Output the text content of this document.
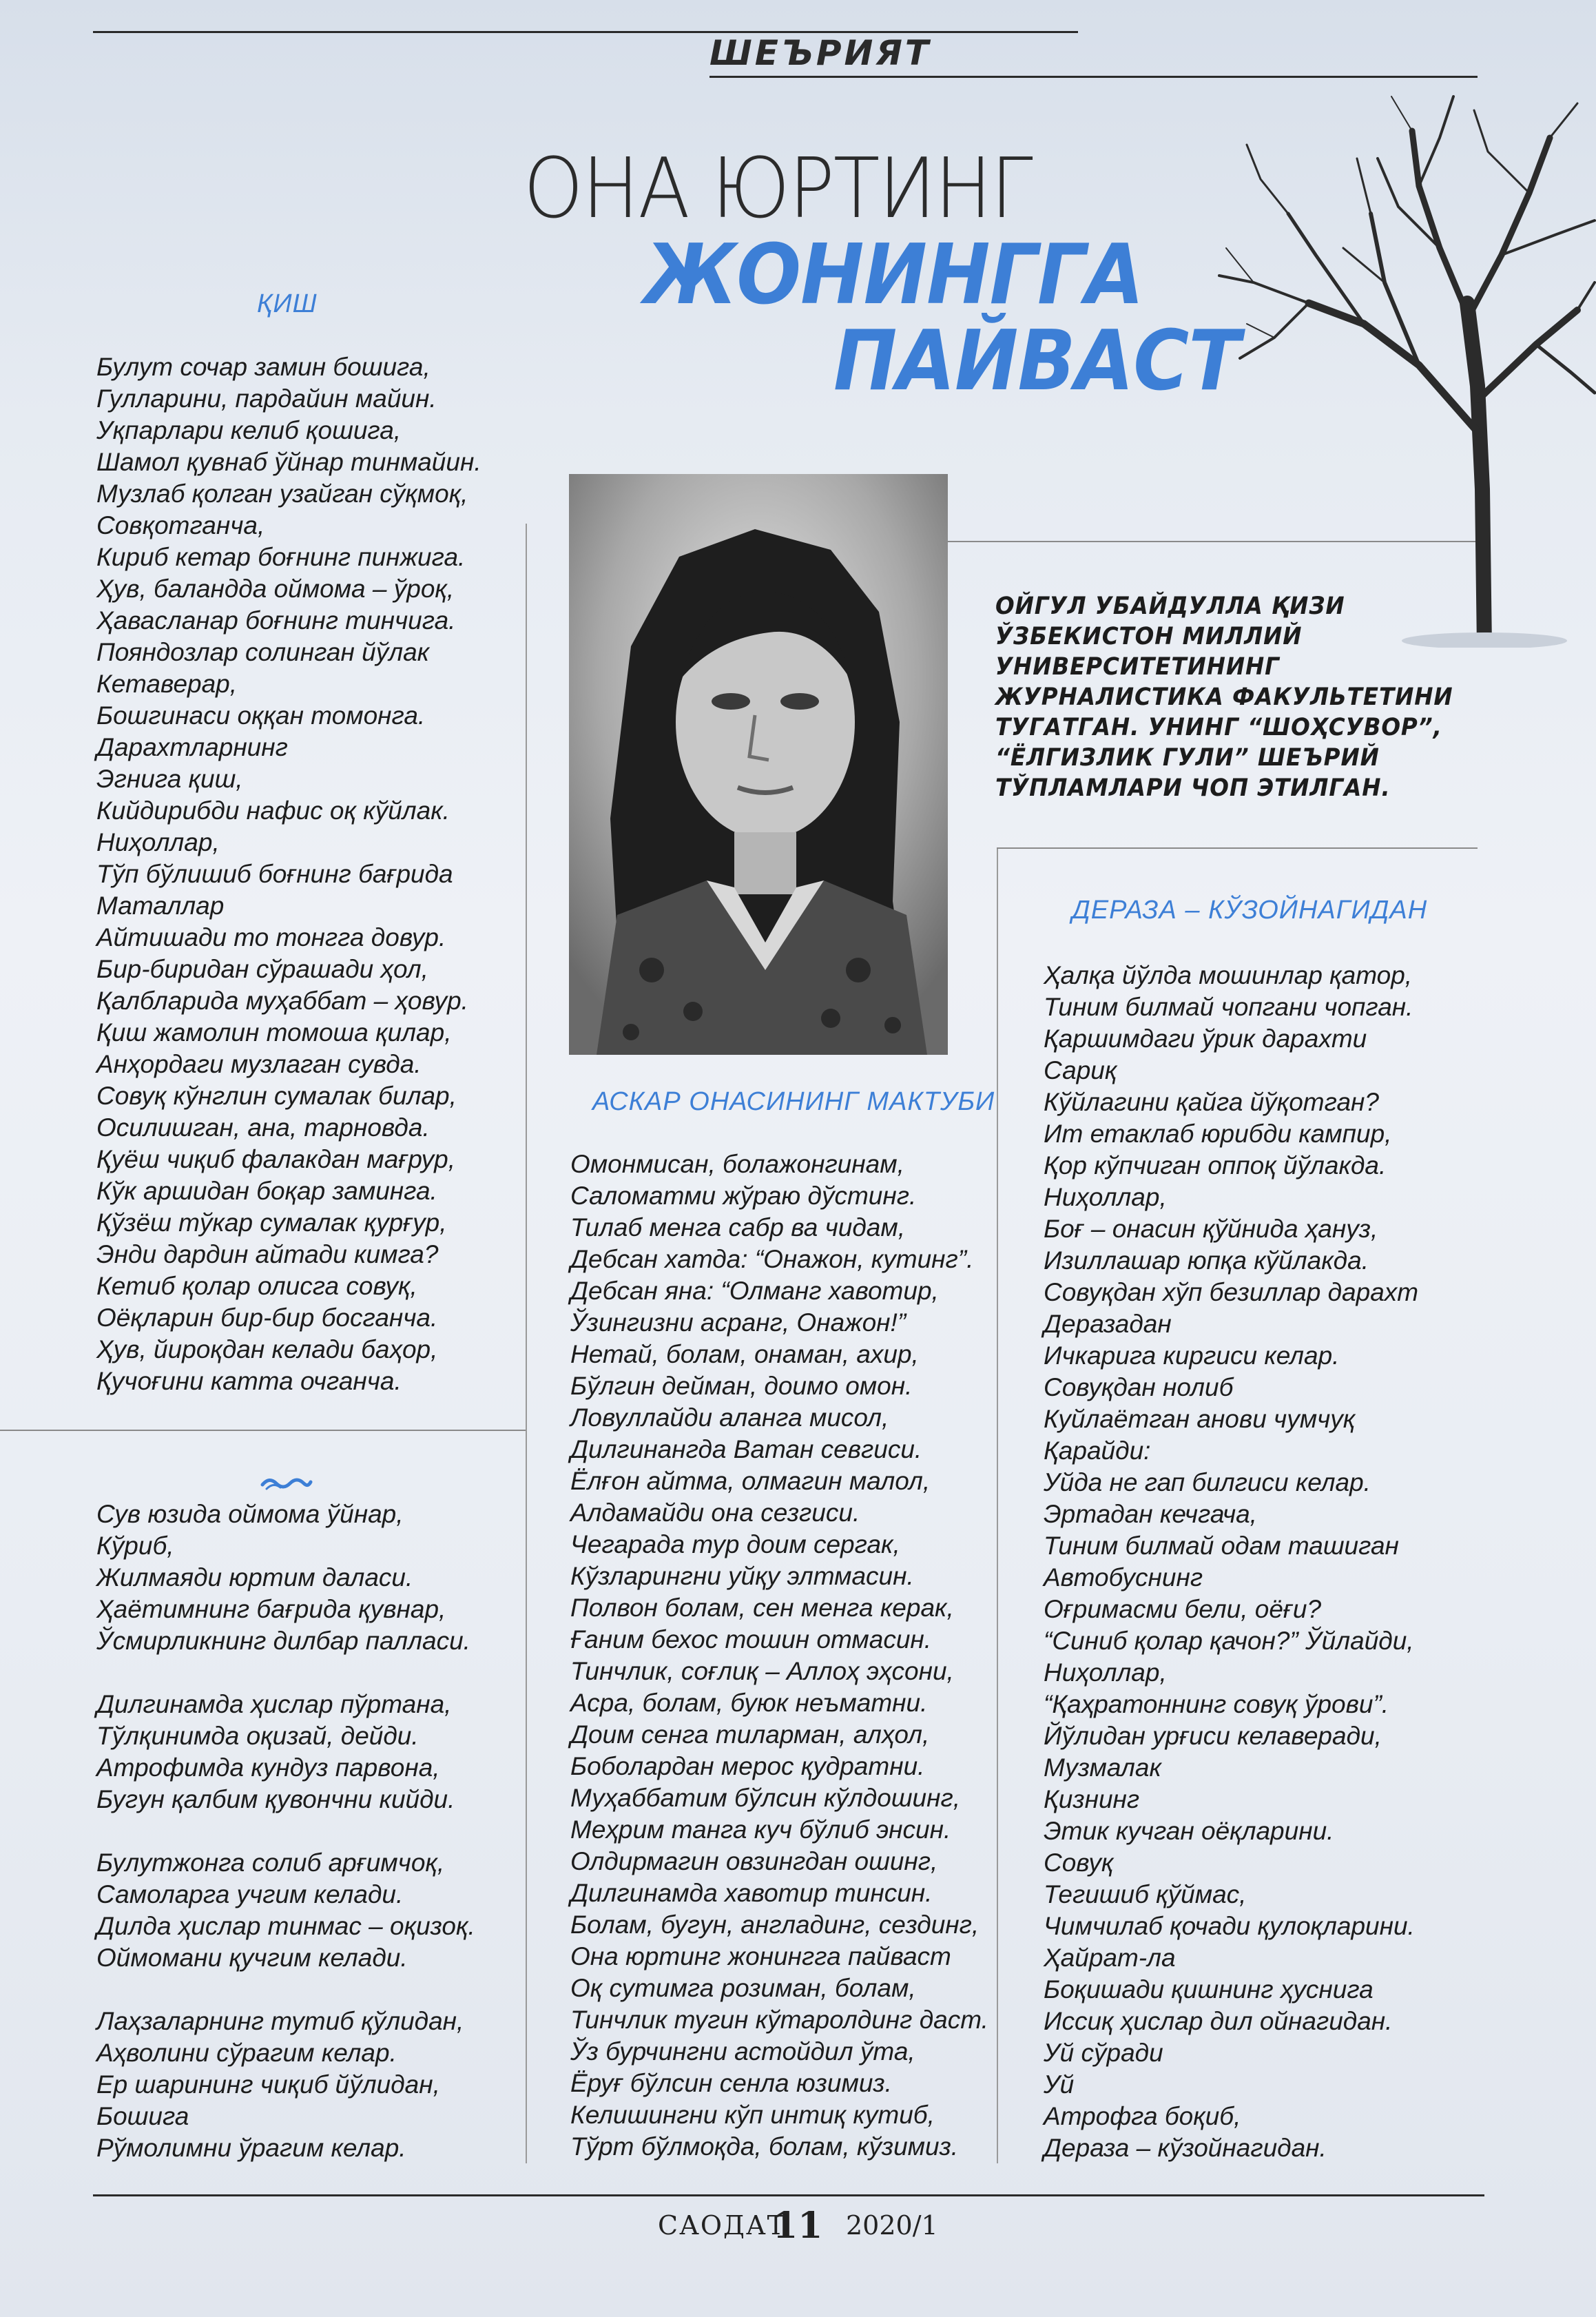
ШЕЪРИЯТ
ОНА ЮРТИНГ
ЖОНИНГГА
ПАЙВАСТ
ОЙГУЛ УБАЙДУЛЛА ҚИЗИ
ЎЗБЕКИСТОН МИЛЛИЙ
УНИВЕРСИТЕТИНИНГ
ЖУРНАЛИСТИКА ФАКУЛЬТЕТИНИ
ТУГАТГАН. УНИНГ “ШОҲСУВОР”,
“ЁЛГИЗЛИК ГУЛИ” ШЕЪРИЙ
ТЎПЛАМЛАРИ ЧОП ЭТИЛГАН.
ҚИШ
Булут сочар замин бошига,
Гулларини, пардайин майин.
Уқпарлари келиб қошига,
Шамол қувнаб ўйнар тинмайин.
Музлаб қолган узайган сўқмоқ,
Совқотганча,
Кириб кетар боғнинг пинжига.
Ҳув, баландда оймома – ўроқ,
Ҳавасланар боғнинг тинчига.
Пояндозлар солинган йўлак
Кетаверар,
Бошгинаси оққан томонга.
Дарахтларнинг
Эгнига қиш,
Кийдирибди нафис оқ кўйлак.
Ниҳоллар,
Тўп бўлишиб боғнинг бағрида
Маталлар
Айтишади то тонгга довур.
Бир-биридан сўрашади ҳол,
Қалбларида муҳаббат – ҳовур.
Қиш жамолин томоша қилар,
Анҳордаги музлаган сувда.
Совуқ кўнглин сумалак билар,
Осилишган, ана, тарновда.
Қуёш чиқиб фалакдан мағрур,
Кўк аршидан боқар заминга.
Қўзёш тўкар сумалак қурғур,
Энди дардин айтади кимга?
Кетиб қолар олисга совуқ,
Оёқларин бир-бир босганча.
Ҳув, йироқдан келади баҳор,
Қучоғини катта очганча.
Сув юзида оймома ўйнар,
Кўриб,
Жилмаяди юртим даласи.
Ҳаётимнинг бағрида қувнар,
Ўсмирликнинг дилбар палласи.
Дилгинамда ҳислар пўртана,
Тўлқинимда оқизай, дейди.
Атрофимда кундуз парвона,
Бугун қалбим қувончни кийди.
Булутжонга солиб арғимчоқ,
Самоларга учгим келади.
Дилда ҳислар тинмас – оқизоқ.
Оймомани қучгим келади.
Лаҳзаларнинг тутиб қўлидан,
Аҳволини сўрагим келар.
Ер шарининг чиқиб йўлидан,
Бошига
Рўмолимни ўрагим келар.
АСКАР ОНАСИНИНГ МАКТУБИ
Омонмисан, болажонгинам,
Саломатми жўраю дўстинг.
Тилаб менга сабр ва чидам,
Дебсан хатда: “Онажон, кутинг”.
Дебсан яна: “Олманг хавотир,
Ўзингизни асранг, Онажон!”
Нетай, болам, онаман, ахир,
Бўлгин дейман, доимо омон.
Ловуллайди аланга мисол,
Дилгинангда Ватан севгиси.
Ёлғон айтма, олмагин малол,
Алдамайди она сезгиси.
Чегарада тур доим сергак,
Кўзларингни уйқу элтмасин.
Полвон болам, сен менга керак,
Ғаним бехос тошин отмасин.
Тинчлик, соғлиқ – Аллоҳ эҳсони,
Асра, болам, буюк неъматни.
Доим сенга тиларман, алҳол,
Боболардан мерос қудратни.
Муҳаббатим бўлсин кўлдошинг,
Меҳрим танга куч бўлиб энсин.
Олдирмагин овзингдан ошинг,
Дилгинамда хавотир тинсин.
Болам, бугун, англадинг, сездинг,
Она юртинг жонингга пайваст
Оқ сутимга розиман, болам,
Тинчлик тугин кўтаролдинг даст.
Ўз бурчингни астойдил ўта,
Ёруғ бўлсин сенла юзимиз.
Келишингни кўп интиқ кутиб,
Тўрт бўлмоқда, болам, кўзимиз.
ДЕРАЗА – КЎЗОЙНАГИДАН
Ҳалқа йўлда мошинлар қатор,
Тиним билмай чопгани чопган.
Қаршимдаги ўрик дарахти
Сариқ
Кўйлагини қайга йўқотган?
Ит етаклаб юрибди кампир,
Қор кўпчиган оппоқ йўлакда.
Ниҳоллар,
Боғ – онасин қўйнида ҳануз,
Изиллашар юпқа кўйлакда.
Совуқдан хўп безиллар дарахт
Деразадан
Ичкарига киргиси келар.
Совуқдан нолиб
Куйлаётган анови чумчуқ
Қарайди:
Уйда не гап билгиси келар.
Эртадан кечгача,
Тиним билмай одам ташиган
Автобуснинг
Оғримасми бели, оёғи?
“Синиб қолар қачон?” Ўйлайди,
Ниҳоллар,
“Қаҳратоннинг совуқ ўрови”.
Йўлидан урғиси келаверади,
Музмалак
Қизнинг
Этик кучган оёқларини.
Совуқ
Тегишиб қўймас,
Чимчилаб қочади қулоқларини.
Ҳайрат-ла
Боқишади қишнинг ҳуснига
Иссиқ ҳислар дил ойнагидан.
Уй сўради
Уй
Атрофга боқиб,
Дераза – кўзойнагидан.
САОДАТ
11 2020/1
